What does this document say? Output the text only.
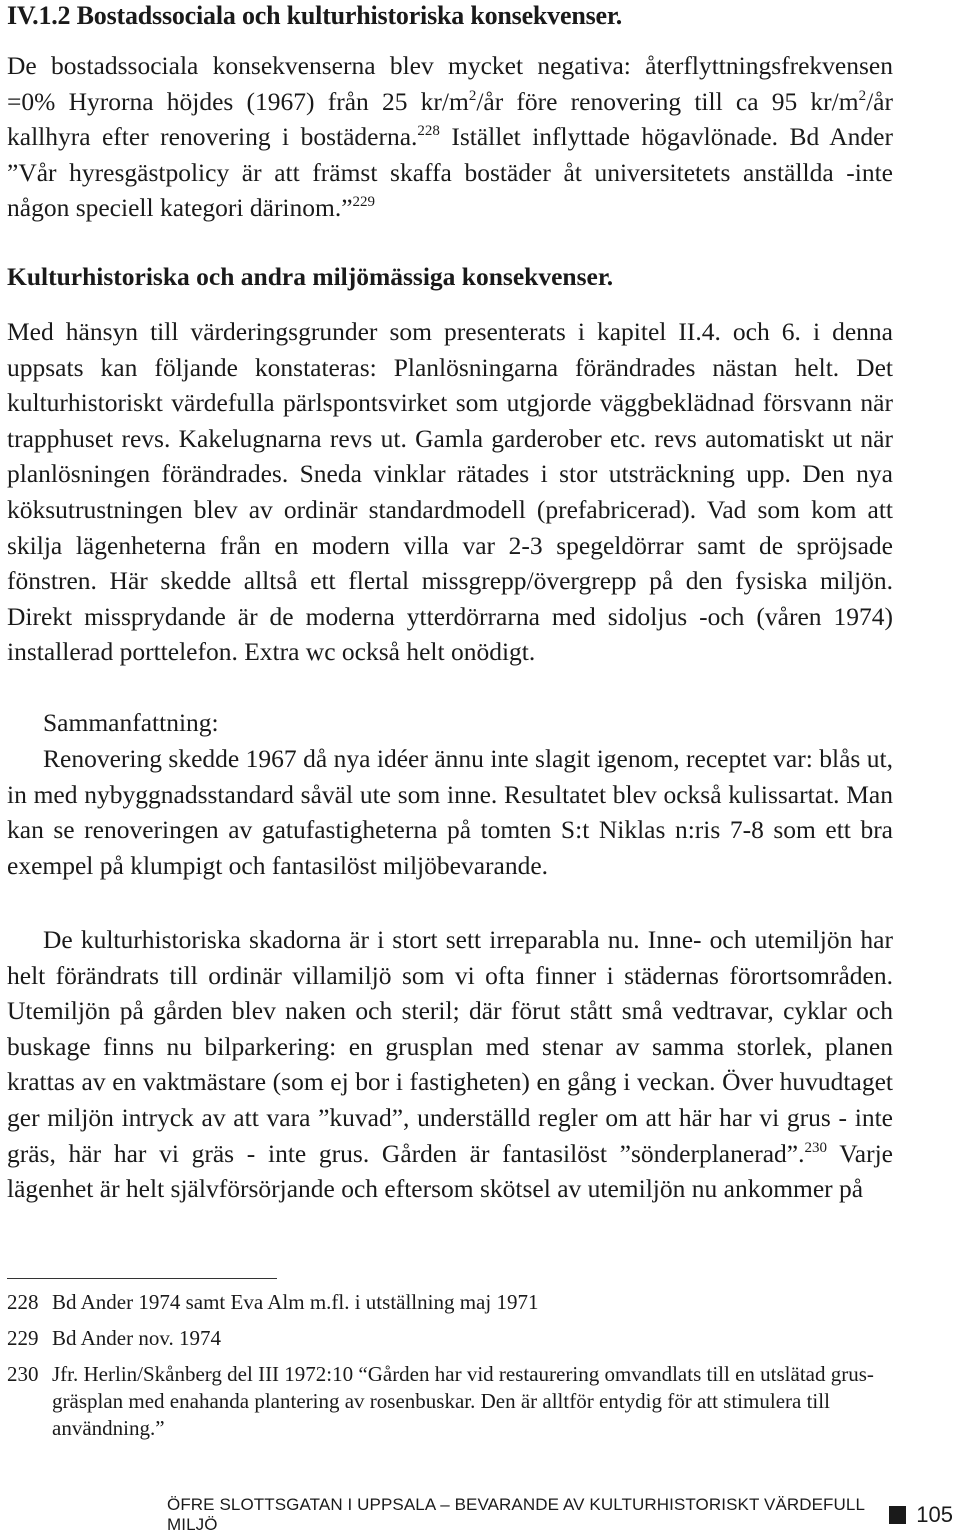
IV.1.2 Bostadssociala och kulturhistoriska konsekvenser.

De bostadssociala konsekvenserna blev mycket negativa: återflyttningsfrekvensen =0% Hyrorna höjdes (1967) från 25 $kr/m^2/år$ före renovering till ca 95 $kr/m^2/år$ kallhyra efter renovering i bostäderna.$^{228}$ Istället inflyttade högavlönade. Bd Ander ”Vår hyresgästpolicy är att främst skaffa bostäder åt universitetets anställda -inte någon speciell kategori därinom.”$^{229}$

Kulturhistoriska och andra miljömässiga konsekvenser.

Med hänsyn till värderingsgrunder som presenterats i kapitel II.4. och 6. i denna uppsats kan följande konstateras: Planlösningarna förändrades nästan helt. Det kulturhistoriskt värdefulla pärlspontsvirket som utgjorde väggbeklädnad försvann när trapphuset revs. Kakelugnarna revs ut. Gamla garderober etc. revs automatiskt ut när planlösningen förändrades. Sneda vinklar rätades i stor utsträckning upp. Den nya köksutrustningen blev av ordinär standardmodell (prefabricerad). Vad som kom att skilja lägenheterna från en modern villa var 2-3 spegeldörrar samt de spröjsade fönstren. Här skedde alltså ett flertal missgrepp/övergrepp på den fysiska miljön. Direkt missprydande är de moderna ytterdörrarna med sidoljus -och (våren 1974) installerad porttelefon. Extra wc också helt onödigt.

Sammanfattning:

Renovering skedde 1967 då nya idéer ännu inte slagit igenom, receptet var: blås ut, in med nybyggnadsstandard såväl ute som inne. Resultatet blev också kulissartat. Man kan se renoveringen av gatufastigheterna på tomten S:t Niklas n:ris 7-8 som ett bra exempel på klumpigt och fantasilöst miljöbevarande.

De kulturhistoriska skadorna är i stort sett irreparabla nu. Inne- och utemiljön har helt förändrats till ordinär villamiljö som vi ofta finner i städernas förortsområden. Utemiljön på gården blev naken och steril; där förut stått små vedtravar, cyklar och buskage finns nu bilparkering: en grusplan med stenar av samma storlek, planen krattas av en vaktmästare (som ej bor i fastigheten) en gång i veckan. Över huvudtaget ger miljön intryck av att vara ”kuvad”, underställd regler om att här har vi grus - inte gräs, här har vi gräs - inte grus. Gården är fantasilöst ”sönderplanerad”.$^{230}$ Varje lägenhet är helt självförsörjande och eftersom skötsel av utemiljön nu ankommer på

228 Bd Ander 1974 samt Eva Alm m.fl. i utställning maj 1971
229 Bd Ander nov. 1974
230 Jfr. Herlin/Skånberg del III 1972:10 “Gården har vid restaurering omvandlats till en utslätad grus- gräsplan med enahanda plantering av rosenbuskar. Den är alltför entydig för att stimulera till användning.”
ÖFRE SLOTTSGATAN I UPPSALA – BEVARANDE AV KULTURHISTORISKT VÄRDEFULL MILJÖ	105
